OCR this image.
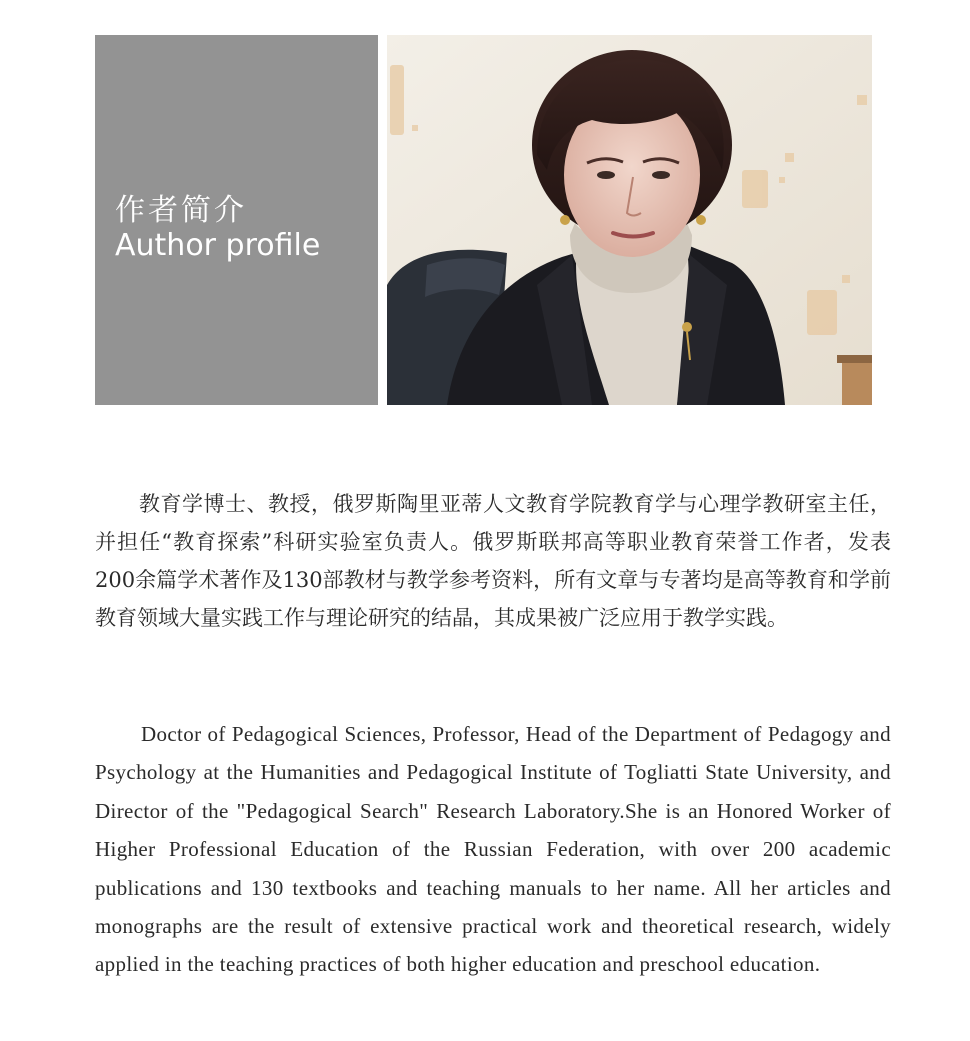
作者简介
Author profile

教育学博士、教授，俄罗斯陶里亚蒂人文教育学院教育学与心理学教研室主任，并担任“教育探索”科研实验室负责人。俄罗斯联邦高等职业教育荣誉工作者，发表200余篇学术著作及130部教材与教学参考资料，所有文章与专著均是高等教育和学前教育领域大量实践工作与理论研究的结晶，其成果被广泛应用于教学实践。

Doctor of Pedagogical Sciences, Professor, Head of the Department of Pedagogy and Psychology at the Humanities and Pedagogical Institute of Togliatti State University, and Director of the "Pedagogical Search" Research Laboratory.She is an Honored Worker of Higher Professional Education of the Russian Federation, with over 200 academic publications and 130 textbooks and teaching manuals to her name. All her articles and monographs are the result of extensive practical work and theoretical research, widely applied in the teaching practices of both higher education and preschool education.
